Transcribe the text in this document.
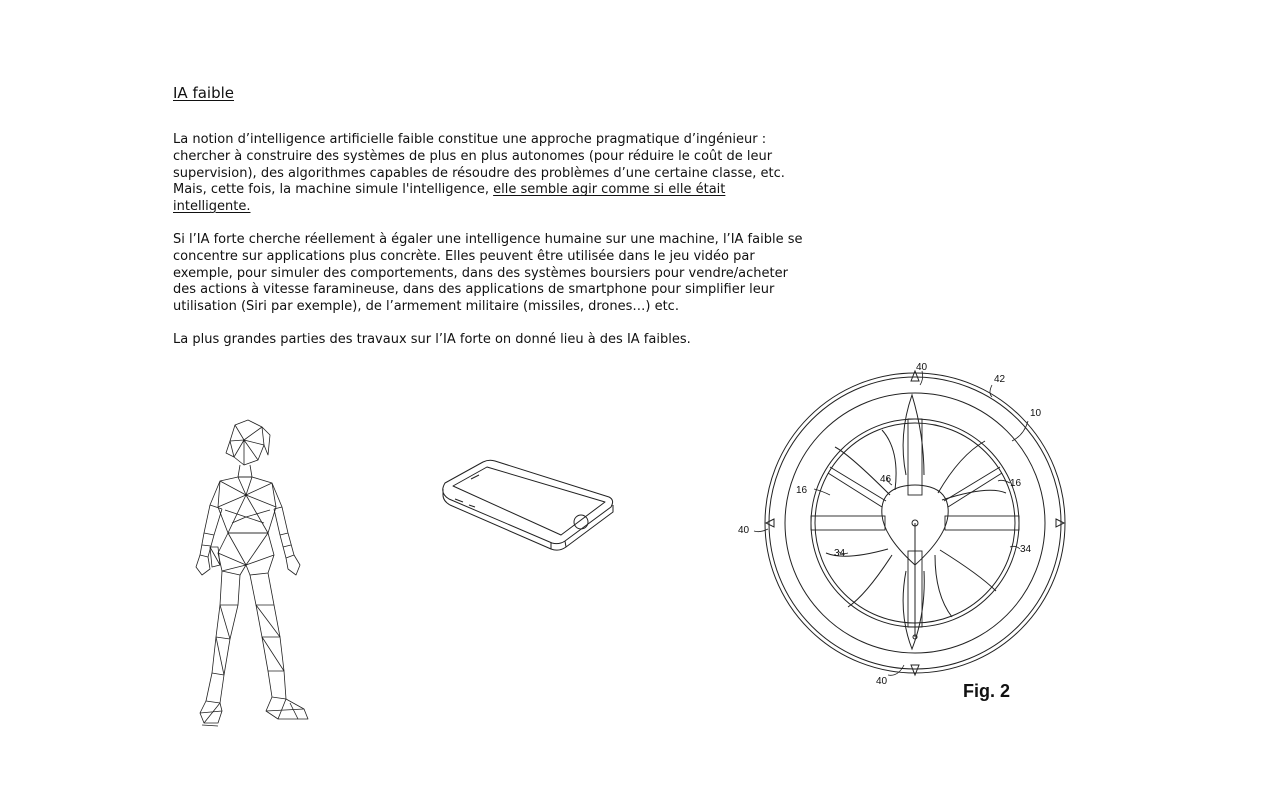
IA faible

La notion d’intelligence artificielle faible constitue une approche pragmatique d’ingénieur : chercher à construire des systèmes de plus en plus autonomes (pour réduire le coût de leur supervision), des algorithmes capables de résoudre des problèmes d’une certaine classe, etc. Mais, cette fois, la machine simule l'intelligence, elle semble agir comme si elle était intelligente.

Si l’IA forte cherche réellement à égaler une intelligence humaine sur une machine, l’IA faible se concentre sur applications plus concrète. Elles peuvent être utilisée dans le jeu vidéo par exemple, pour simuler des comportements, dans des systèmes boursiers pour vendre/acheter des actions à vitesse faramineuse, dans des applications de smartphone pour simplifier leur utilisation (Siri par exemple), de l’armement militaire (missiles, drones…) etc.

La plus grandes parties des travaux sur l’IA forte on donné lieu à des IA faibles.

40
42
10
46
16
16
40
34	34
40	Fig. 2
